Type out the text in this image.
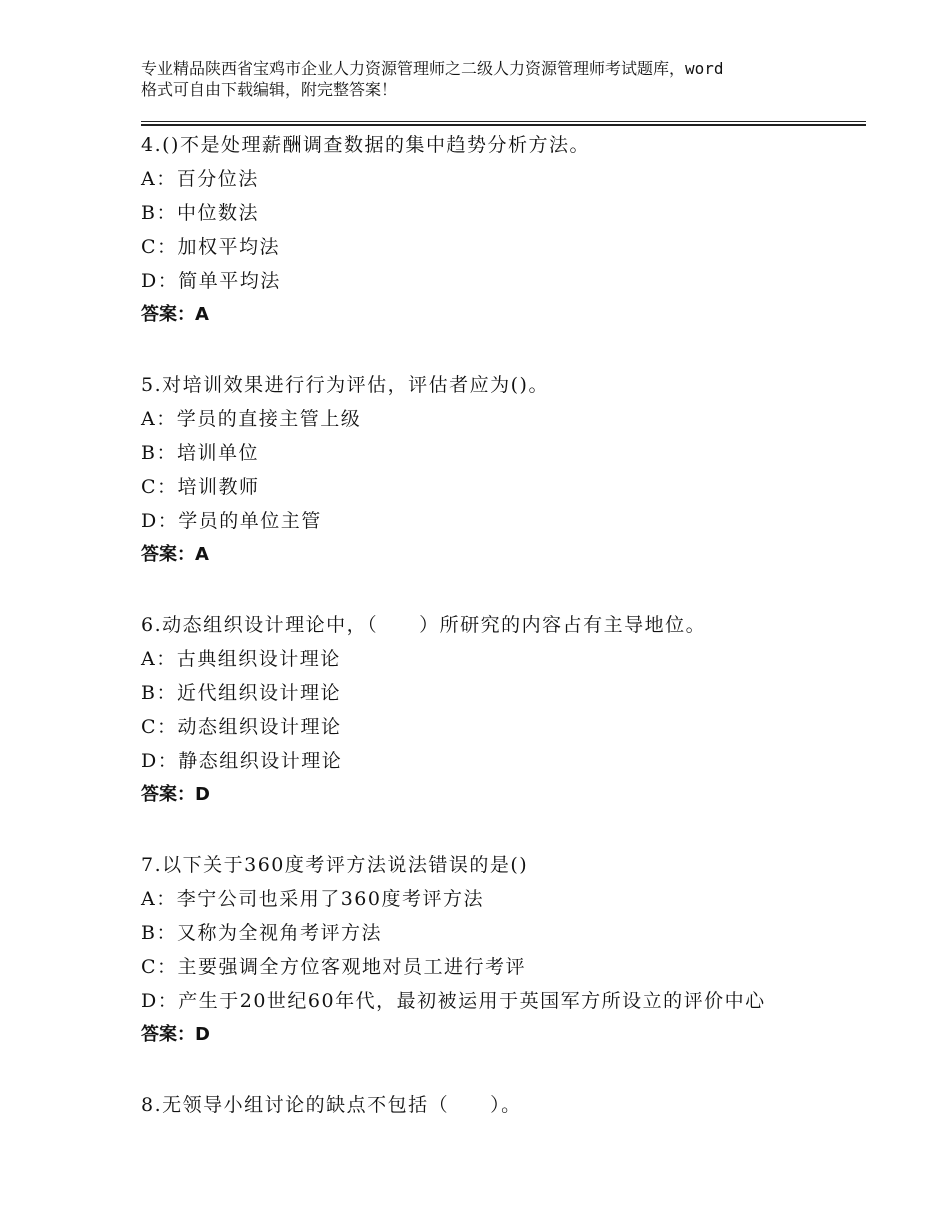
专业精品陕西省宝鸡市企业人力资源管理师之二级人力资源管理师考试题库，word
格式可自由下载编辑，附完整答案！
4.()不是处理薪酬调查数据的集中趋势分析方法。
A：百分位法
B：中位数法
C：加权平均法
D：简单平均法
答案：A
5.对培训效果进行行为评估，评估者应为()。
A：学员的直接主管上级
B：培训单位
C：培训教师
D：学员的单位主管
答案：A
6.动态组织设计理论中，（　　）所研究的内容占有主导地位。
A：古典组织设计理论
B：近代组织设计理论
C：动态组织设计理论
D：静态组织设计理论
答案：D
7.以下关于360度考评方法说法错误的是()
A：李宁公司也采用了360度考评方法
B：又称为全视角考评方法
C：主要强调全方位客观地对员工进行考评
D：产生于20世纪60年代，最初被运用于英国军方所设立的评价中心
答案：D
8.无领导小组讨论的缺点不包括（　　）。
